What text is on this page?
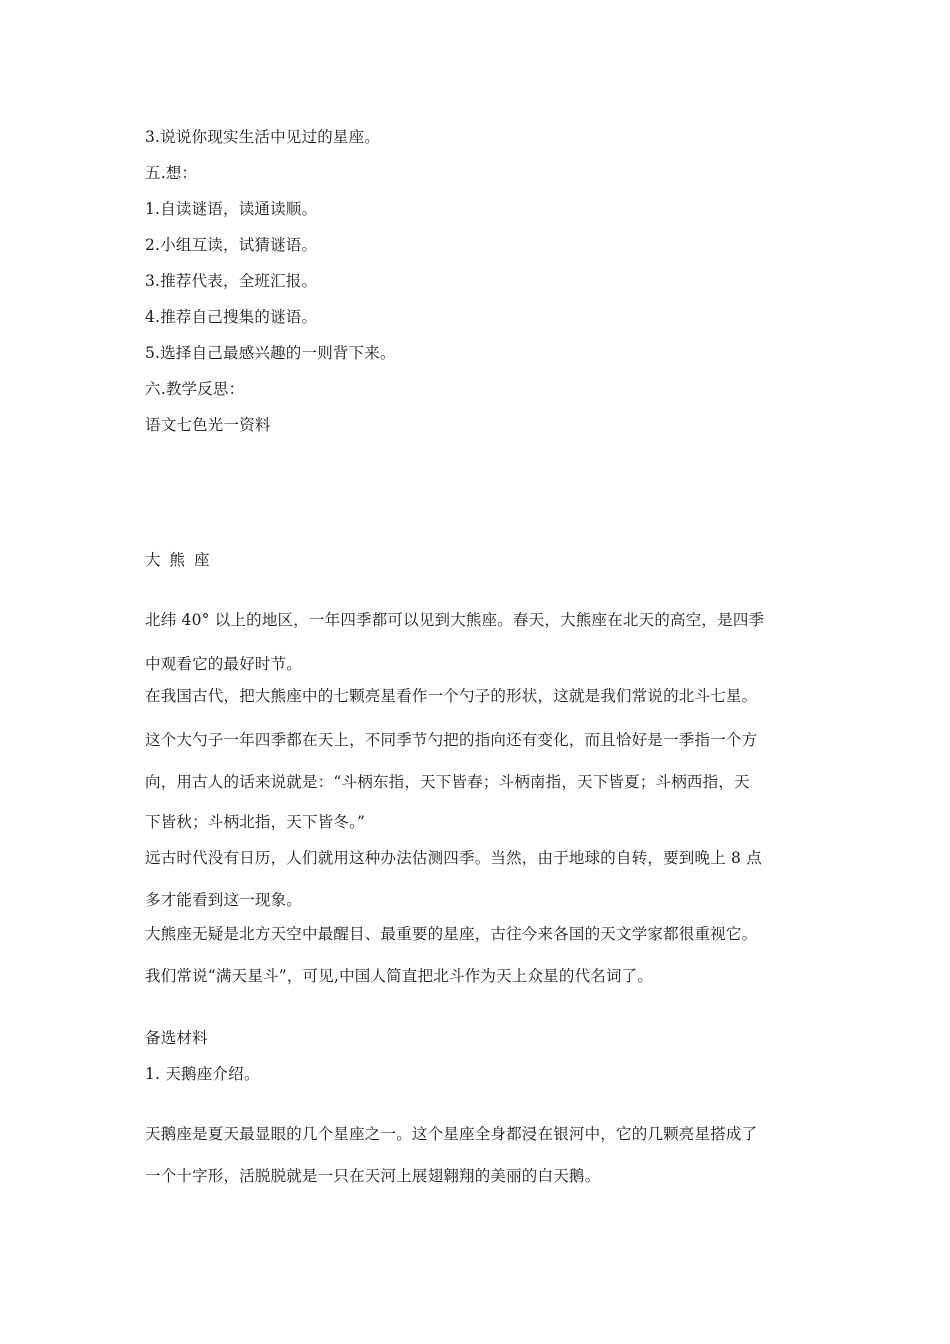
3.说说你现实生活中见过的星座。
五.想：
1.自读谜语，读通读顺。
2.小组互读，试猜谜语。
3.推荐代表，全班汇报。
4.推荐自己搜集的谜语。
5.选择自己最感兴趣的一则背下来。
六.教学反思：
语文七色光一资料
大熊座
北纬 40° 以上的地区，一年四季都可以见到大熊座。春天，大熊座在北天的高空，是四季
中观看它的最好时节。
在我国古代，把大熊座中的七颗亮星看作一个勺子的形状，这就是我们常说的北斗七星。
这个大勺子一年四季都在天上，不同季节勺把的指向还有变化，而且恰好是一季指一个方
向，用古人的话来说就是：“斗柄东指，天下皆春；斗柄南指，天下皆夏；斗柄西指，天
下皆秋；斗柄北指，天下皆冬。”
远古时代没有日历，人们就用这种办法估测四季。当然，由于地球的自转，要到晚上 8 点
多才能看到这一现象。
大熊座无疑是北方天空中最醒目、最重要的星座，古往今来各国的天文学家都很重视它。
我们常说“满天星斗”，可见,中国人简直把北斗作为天上众星的代名词了。
备选材料
1. 天鹅座介绍。
天鹅座是夏天最显眼的几个星座之一。这个星座全身都浸在银河中，它的几颗亮星搭成了
一个十字形，活脱脱就是一只在天河上展翅翱翔的美丽的白天鹅。
